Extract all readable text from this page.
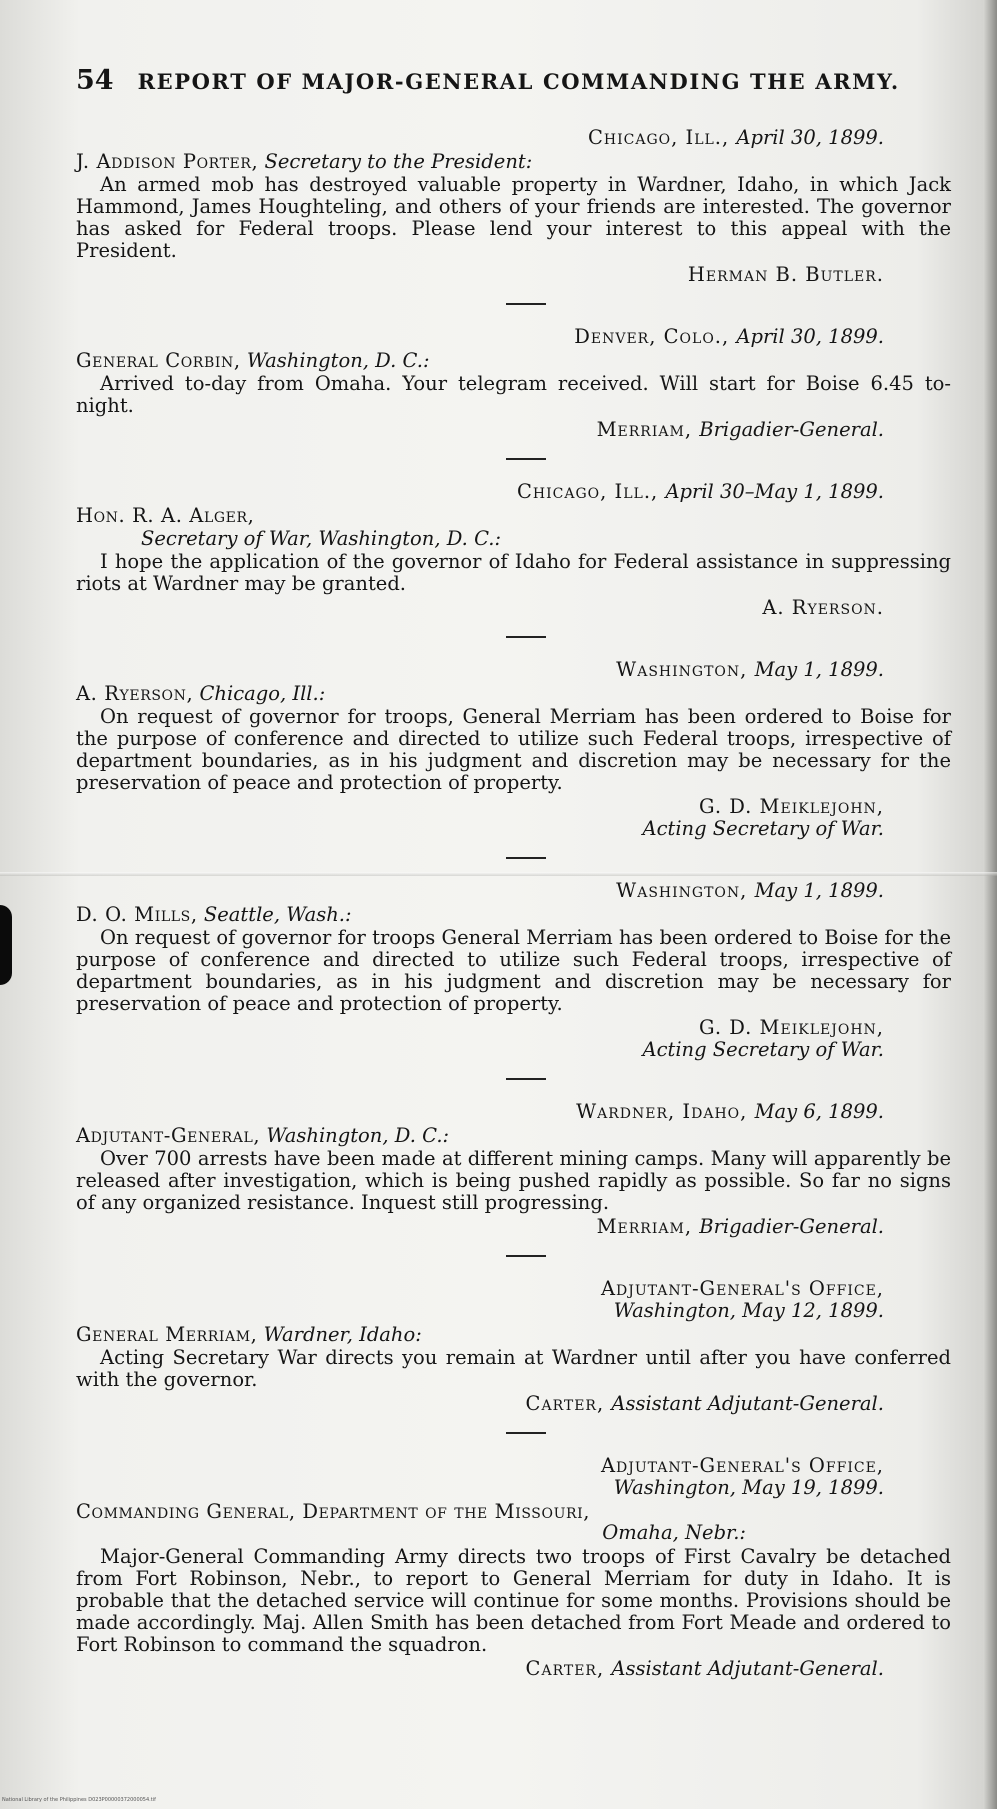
54 REPORT OF MAJOR-GENERAL COMMANDING THE ARMY.
Chicago, Ill., April 30, 1899.
J. Addison Porter, Secretary to the President:

An armed mob has destroyed valuable property in Wardner, Idaho, in which Jack Hammond, James Houghteling, and others of your friends are interested. The governor has asked for Federal troops. Please lend your interest to this appeal with the President.

Herman B. Butler.
Denver, Colo., April 30, 1899.
General Corbin, Washington, D. C.:

Arrived to-day from Omaha. Your telegram received. Will start for Boise 6.45 to-night.

Merriam, Brigadier-General.
Chicago, Ill., April 30–May 1, 1899.
Hon. R. A. Alger,
Secretary of War, Washington, D. C.:

I hope the application of the governor of Idaho for Federal assistance in suppressing riots at Wardner may be granted.

A. Ryerson.
Washington, May 1, 1899.
A. Ryerson, Chicago, Ill.:

On request of governor for troops, General Merriam has been ordered to Boise for the purpose of conference and directed to utilize such Federal troops, irrespective of department boundaries, as in his judgment and discretion may be necessary for the preservation of peace and protection of property.

G. D. Meiklejohn,
Acting Secretary of War.
Washington, May 1, 1899.
D. O. Mills, Seattle, Wash.:

On request of governor for troops General Merriam has been ordered to Boise for the purpose of conference and directed to utilize such Federal troops, irrespective of department boundaries, as in his judgment and discretion may be necessary for preservation of peace and protection of property.

G. D. Meiklejohn,
Acting Secretary of War.
Wardner, Idaho, May 6, 1899.
Adjutant-General, Washington, D. C.:

Over 700 arrests have been made at different mining camps. Many will apparently be released after investigation, which is being pushed rapidly as possible. So far no signs of any organized resistance. Inquest still progressing.

Merriam, Brigadier-General.
Adjutant-General's Office,
Washington, May 12, 1899.
General Merriam, Wardner, Idaho:

Acting Secretary War directs you remain at Wardner until after you have conferred with the governor.

Carter, Assistant Adjutant-General.
Adjutant-General's Office,
Washington, May 19, 1899.
Commanding General, Department of the Missouri,
Omaha, Nebr.:

Major-General Commanding Army directs two troops of First Cavalry be detached from Fort Robinson, Nebr., to report to General Merriam for duty in Idaho. It is probable that the detached service will continue for some months. Provisions should be made accordingly. Maj. Allen Smith has been detached from Fort Meade and ordered to Fort Robinson to command the squadron.

Carter, Assistant Adjutant-General.
National Library of the Philippines D023P00000372000054.tif
